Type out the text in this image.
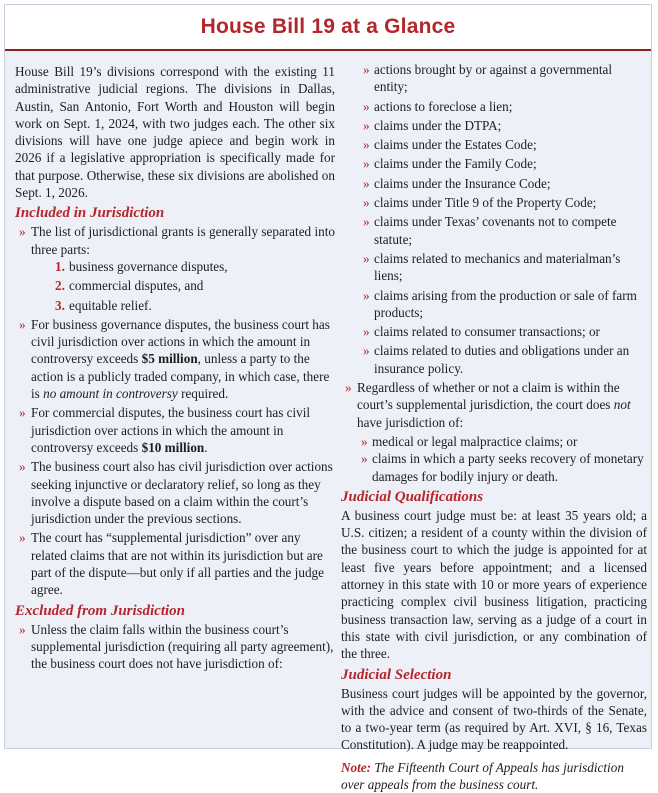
House Bill 19 at a Glance

House Bill 19’s divisions correspond with the existing 11 administrative judicial regions. The divisions in Dallas, Austin, San Antonio, Fort Worth and Houston will begin work on Sept. 1, 2024, with two judges each. The other six divisions will have one judge apiece and begin work in 2026 if a legislative appropriation is specifically made for that purpose. Otherwise, these six divisions are abolished on Sept. 1, 2026.

Included in Jurisdiction
» The list of jurisdictional grants is generally separated into three parts:
1. business governance disputes,
2. commercial disputes, and
3. equitable relief.
» For business governance disputes, the business court has civil jurisdiction over actions in which the amount in controversy exceeds $5 million, unless a party to the action is a publicly traded company, in which case, there is no amount in controversy required.
» For commercial disputes, the business court has civil jurisdiction over actions in which the amount in controversy exceeds $10 million.
» The business court also has civil jurisdiction over actions seeking injunctive or declaratory relief, so long as they involve a dispute based on a claim within the court’s jurisdiction under the previous sections.
» The court has “supplemental jurisdiction” over any related claims that are not within its jurisdiction but are part of the dispute—but only if all parties and the judge agree.
Excluded from Jurisdiction
» Unless the claim falls within the business court’s supplemental jurisdiction (requiring all party agreement), the business court does not have jurisdiction of:
» actions brought by or against a governmental entity;
» actions to foreclose a lien;
» claims under the DTPA;
» claims under the Estates Code;
» claims under the Family Code;
» claims under the Insurance Code;
» claims under Title 9 of the Property Code;
» claims under Texas’ covenants not to compete statute;
» claims related to mechanics and materialman’s liens;
» claims arising from the production or sale of farm products;
» claims related to consumer transactions; or
» claims related to duties and obligations under an insurance policy.
» Regardless of whether or not a claim is within the court’s supplemental jurisdiction, the court does not have jurisdiction of:
» medical or legal malpractice claims; or
» claims in which a party seeks recovery of monetary damages for bodily injury or death.
Judicial Qualifications

A business court judge must be: at least 35 years old; a U.S. citizen; a resident of a county within the division of the business court to which the judge is appointed for at least five years before appointment; and a licensed attorney in this state with 10 or more years of experience practicing complex civil business litigation, practicing business transaction law, serving as a judge of a court in this state with civil jurisdiction, or any combination of the three.

Judicial Selection

Business court judges will be appointed by the governor, with the advice and consent of two-thirds of the Senate, to a two-year term (as required by Art. XVI, § 16, Texas Constitution). A judge may be reappointed.

Note: The Fifteenth Court of Appeals has jurisdiction over appeals from the business court.
